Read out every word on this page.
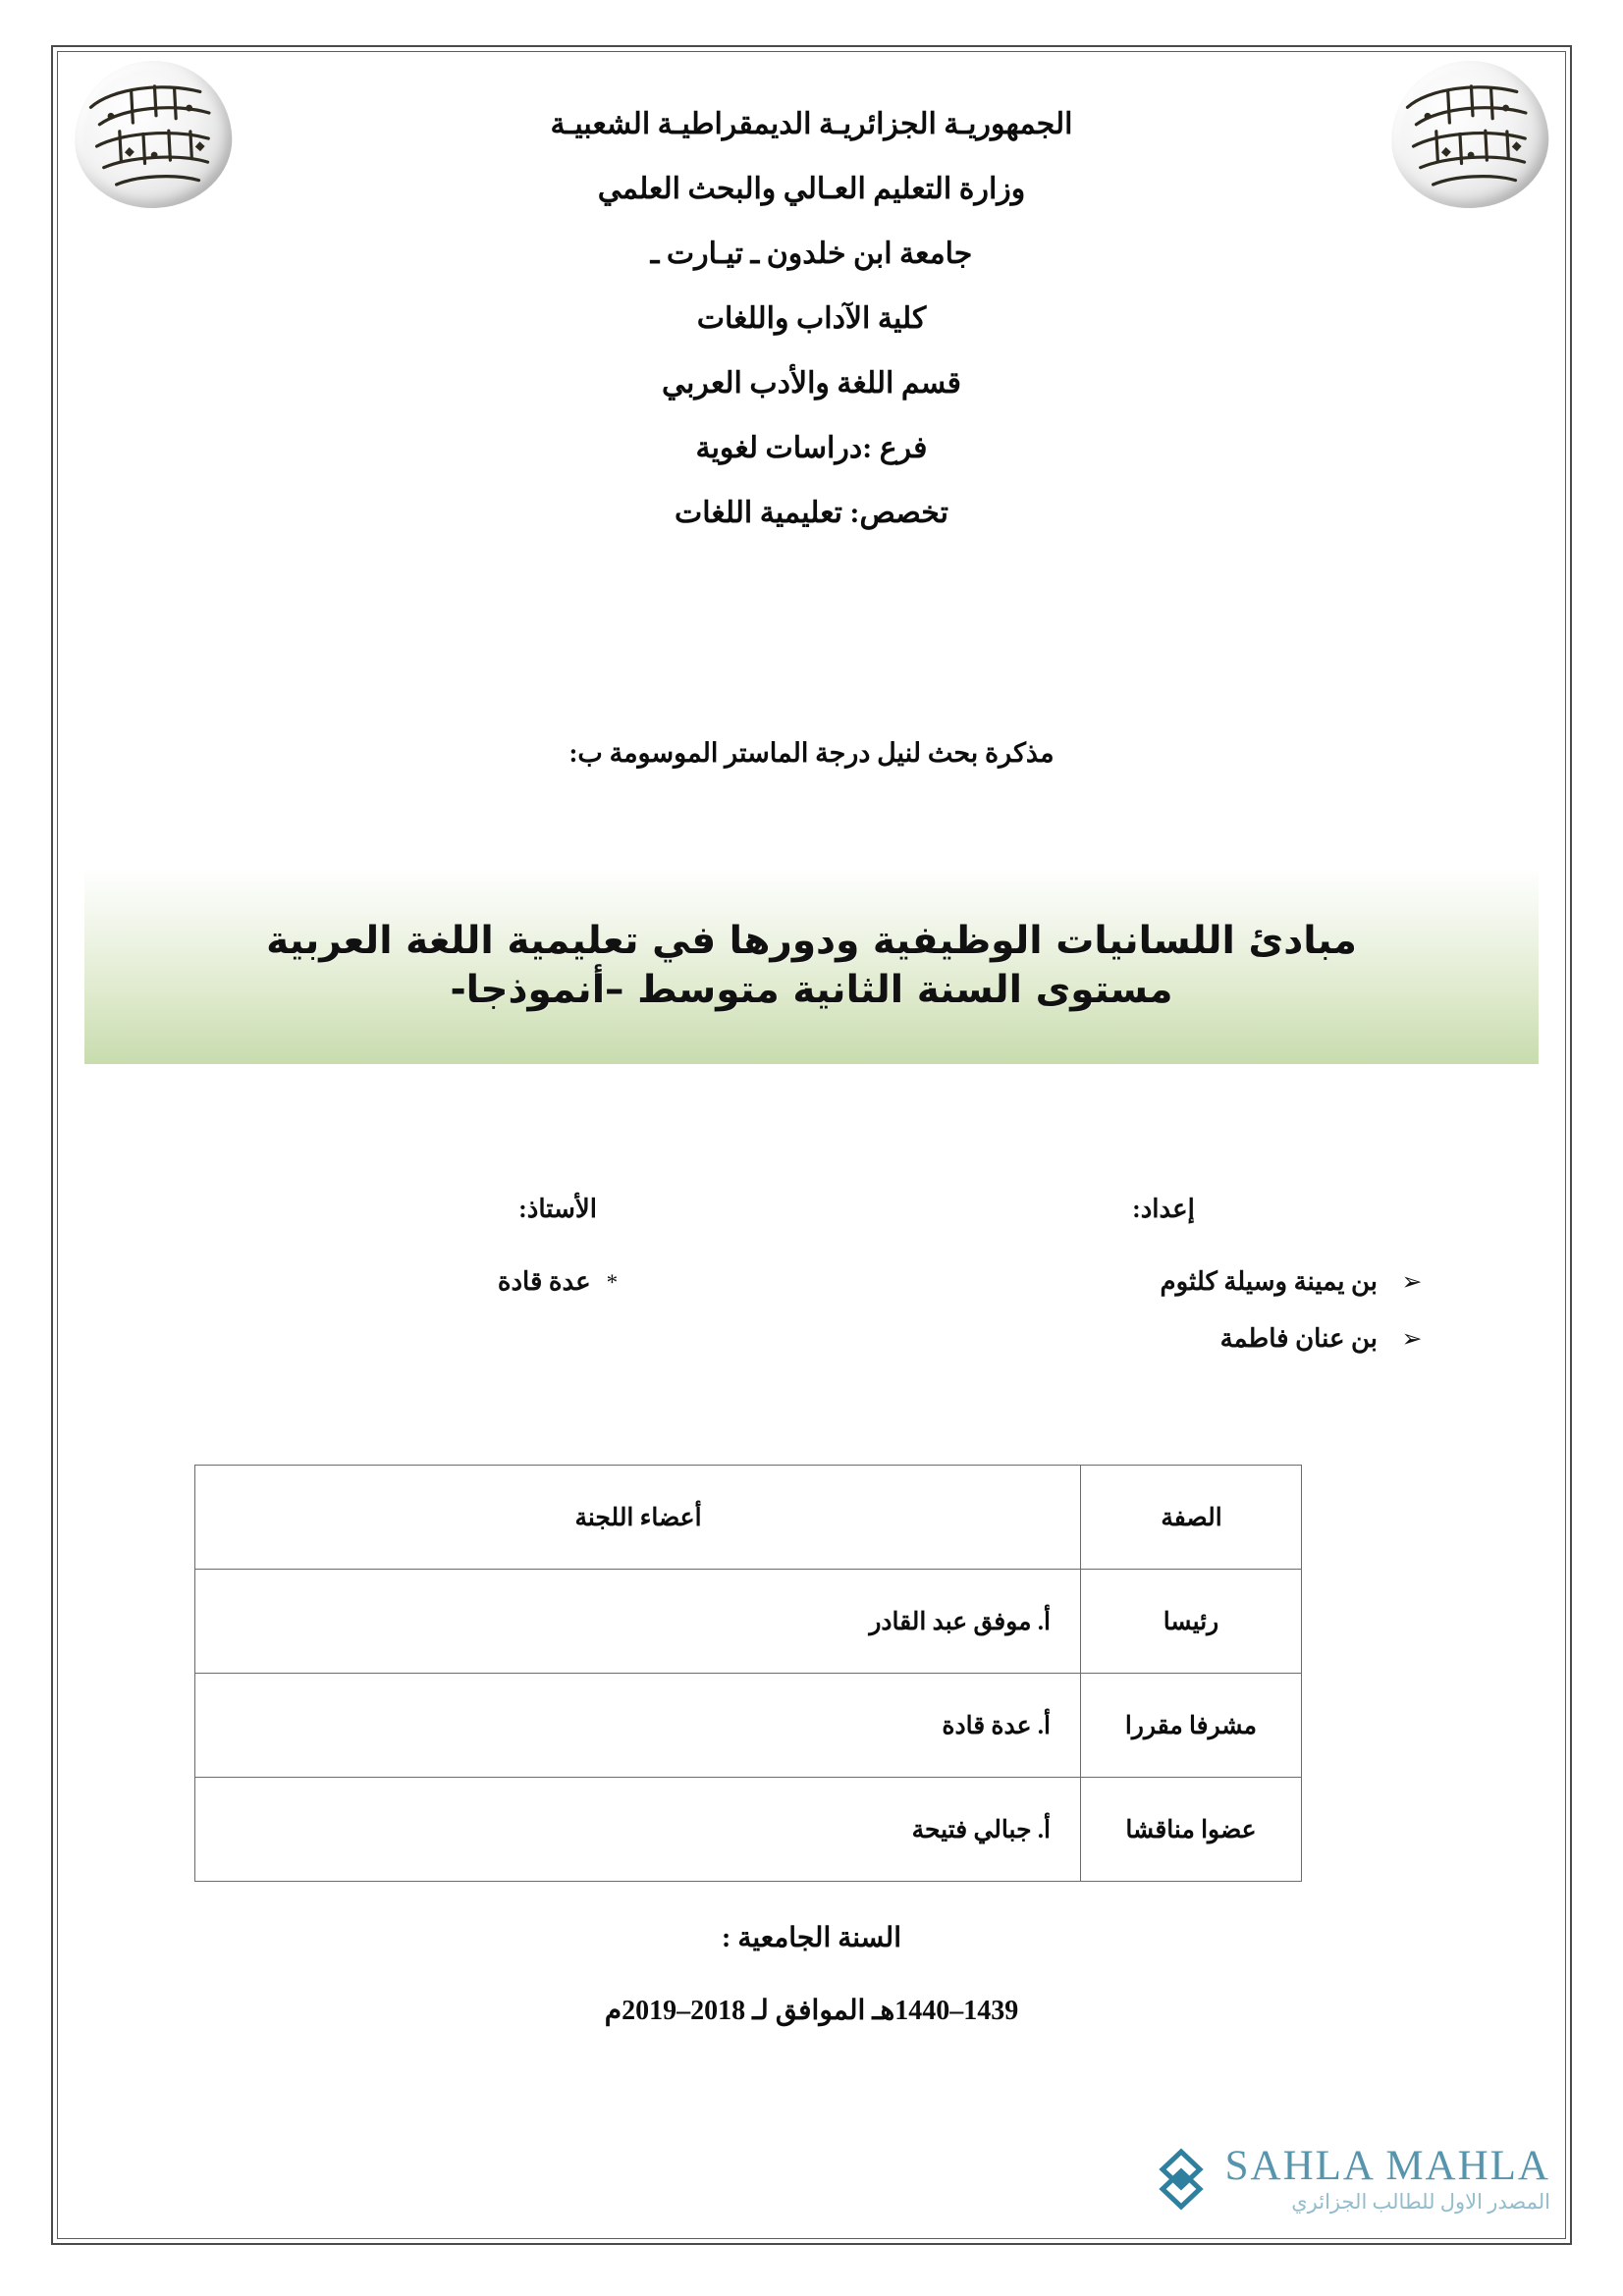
الجمهوريـة الجزائريـة الديمقراطيـة الشعبيـة

وزارة التعليم العـالي والبحث العلمي

جامعة ابن خلدون ـ تيـارت ـ

كلية الآداب واللغات

قسم اللغة والأدب العربي

فرع :دراسات لغوية

تخصص: تعليمية اللغات

مذكرة بحث لنيل درجة الماستر الموسومة ب:
مبادئ اللسانيات الوظيفية ودورها في تعليمية اللغة العربية
مستوى السنة الثانية متوسط –أنموذجا-
إعداد:
➢
بن يمينة وسيلة كلثوم
➢
بن عنان فاطمة
الأستاذ:
*
عدة قادة
الصفة	أعضاء اللجنة
رئيسا	أ. موفق عبد القادر
مشرفا مقررا	أ. عدة قادة
عضوا مناقشا	أ. جبالي فتيحة
السنة الجامعية :
1439–1440هـ الموافق لـ 2018–2019م
SAHLA MAHLA
المصدر الاول للطالب الجزائري
